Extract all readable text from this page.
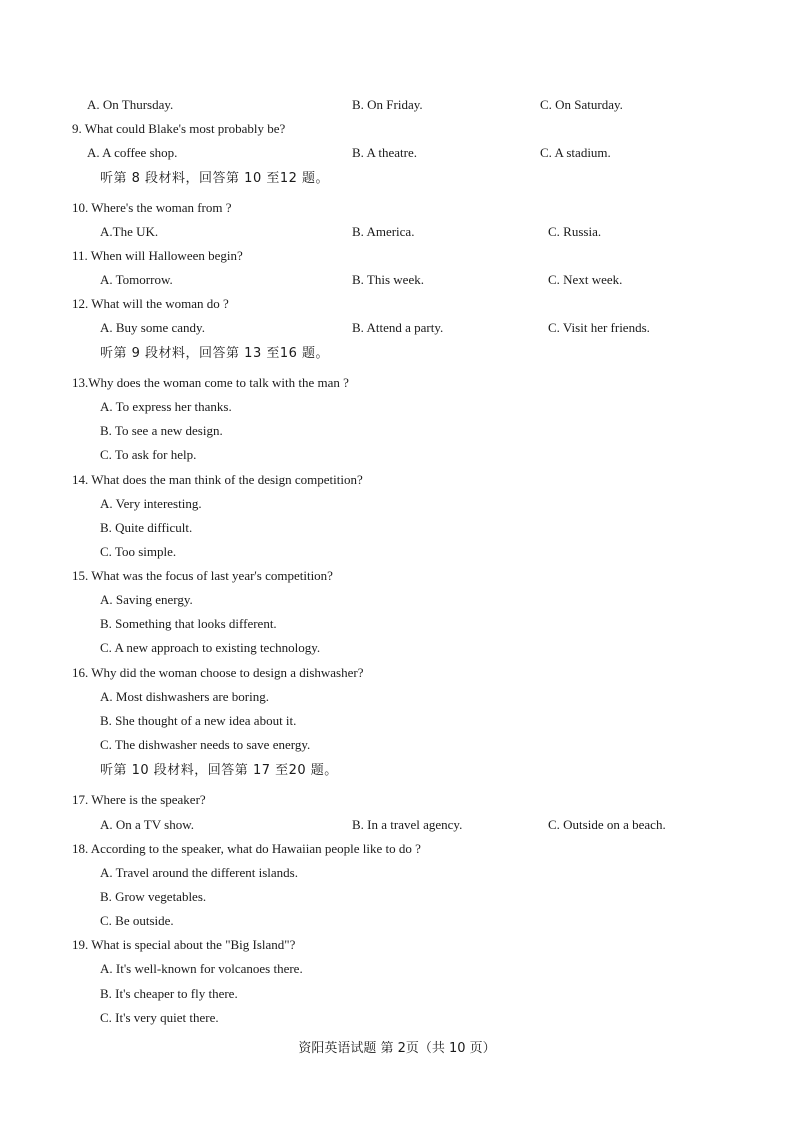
A. On Thursday.	B. On Friday.	C. On Saturday.
9. What could Blake's most probably be?
A. A coffee shop.	B. A theatre.	C. A stadium.
听第 8 段材料，回答第 10 至12 题。
10. Where's the woman from ?
A.The UK.	B. America.	C. Russia.
11. When will Halloween begin?
A. Tomorrow.	B. This week.	C. Next week.
12. What will the woman do ?
A. Buy some candy.	B. Attend a party.	C. Visit her friends.
听第 9 段材料，回答第 13 至16 题。
13.Why does the woman come to talk with the man ?
A. To express her thanks.
B. To see a new design.
C. To ask for help.
14. What does the man think of the design competition?
A. Very interesting.
B. Quite difficult.
C. Too simple.
15. What was the focus of last year's competition?
A. Saving energy.
B. Something that looks different.
C. A new approach to existing technology.
16. Why did the woman choose to design a dishwasher?
A. Most dishwashers are boring.
B. She thought of a new idea about it.
C. The dishwasher needs to save energy.
听第 10 段材料，回答第 17 至20 题。
17. Where is the speaker?
A. On a TV show.	B. In a travel agency.	C. Outside on a beach.
18. According to the speaker, what do Hawaiian people like to do ?
A. Travel around the different islands.
B. Grow vegetables.
C. Be outside.
19. What is special about the "Big Island"?
A. It's well-known for volcanoes there.
B. It's cheaper to fly there.
C. It's very quiet there.
资阳英语试题 第 2页（共 10 页）
